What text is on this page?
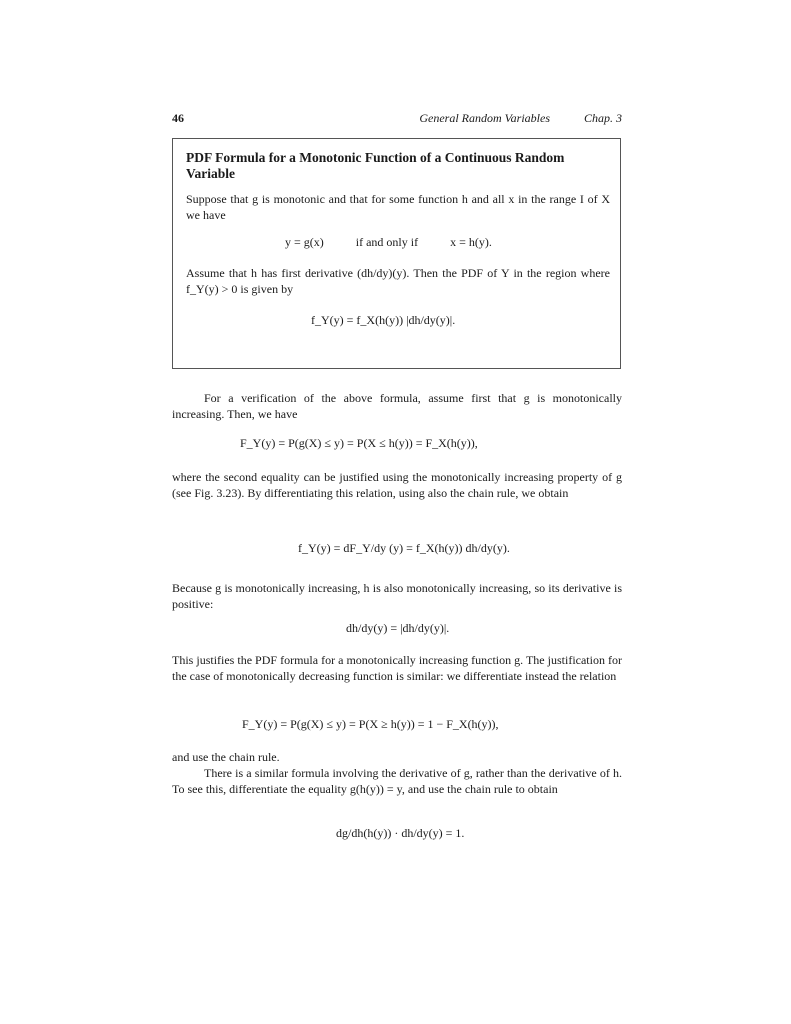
46	General Random Variables	Chap. 3
PDF Formula for a Monotonic Function of a Continuous Random Variable

Suppose that g is monotonic and that for some function h and all x in the range I of X we have

y = g(x)	if and only if	x = h(y).

Assume that h has first derivative (dh/dy)(y). Then the PDF of Y in the region where f_Y(y) > 0 is given by

f_Y(y) = f_X(h(y)) |dh/dy(y)|.

For a verification of the above formula, assume first that g is monotonically increasing. Then, we have

F_Y(y) = P(g(X) ≤ y) = P(X ≤ h(y)) = F_X(h(y)),

where the second equality can be justified using the monotonically increasing property of g (see Fig. 3.23). By differentiating this relation, using also the chain rule, we obtain

f_Y(y) = dF_Y/dy (y) = f_X(h(y)) dh/dy(y).

Because g is monotonically increasing, h is also monotonically increasing, so its derivative is positive:

dh/dy(y) = |dh/dy(y)|.

This justifies the PDF formula for a monotonically increasing function g. The justification for the case of monotonically decreasing function is similar: we differentiate instead the relation

F_Y(y) = P(g(X) ≤ y) = P(X ≥ h(y)) = 1 − F_X(h(y)),

and use the chain rule.

There is a similar formula involving the derivative of g, rather than the derivative of h. To see this, differentiate the equality g(h(y)) = y, and use the chain rule to obtain

dg/dh(h(y)) · dh/dy(y) = 1.
